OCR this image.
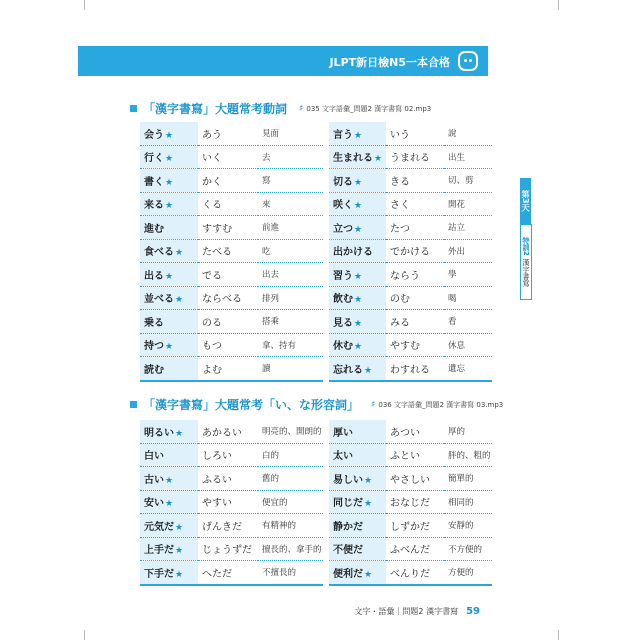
JLPT新日檢N5一本合格
「漢字書寫」大題常考動詞 ♯ 035 文字語彙_問題2 漢字書寫 02.mp3
会う★	あう	見面	言う★	いう	說
行く★	いく	去	生まれる★	うまれる	出生
書く★	かく	寫	切る★	きる	切、剪
来る★	くる	來	咲く★	さく	開花
進む	すすむ	前進	立つ★	たつ	站立
食べる★	たべる	吃	出かける	でかける	外出
出る★	でる	出去	習う★	ならう	學
並べる★	ならべる	排列	飲む★	のむ	喝
乗る	のる	搭乘	見る★	みる	看
持つ★	もつ	拿、持有	休む★	やすむ	休息
読む	よむ	讀	忘れる★	わすれる	遺忘
「漢字書寫」大題常考「い、な形容詞」 ♯ 036 文字語彙_問題2 漢字書寫 03.mp3
明るい★	あかるい	明亮的、開朗的	厚い	あつい	厚的
白い	しろい	白的	太い	ふとい	胖的、粗的
古い★	ふるい	舊的	易しい★	やさしい	簡單的
安い★	やすい	便宜的	同じだ★	おなじだ	相同的
元気だ★	げんきだ	有精神的	静かだ	しずかだ	安靜的
上手だ★	じょうずだ	擅長的、拿手的	不便だ	ふべんだ	不方便的
下手だ★	へただ	不擅長的	便利だ★	べんりだ	方便的
第3天
特訓2
漢字書寫
文字・語彙｜問題2 漢字書寫 59
